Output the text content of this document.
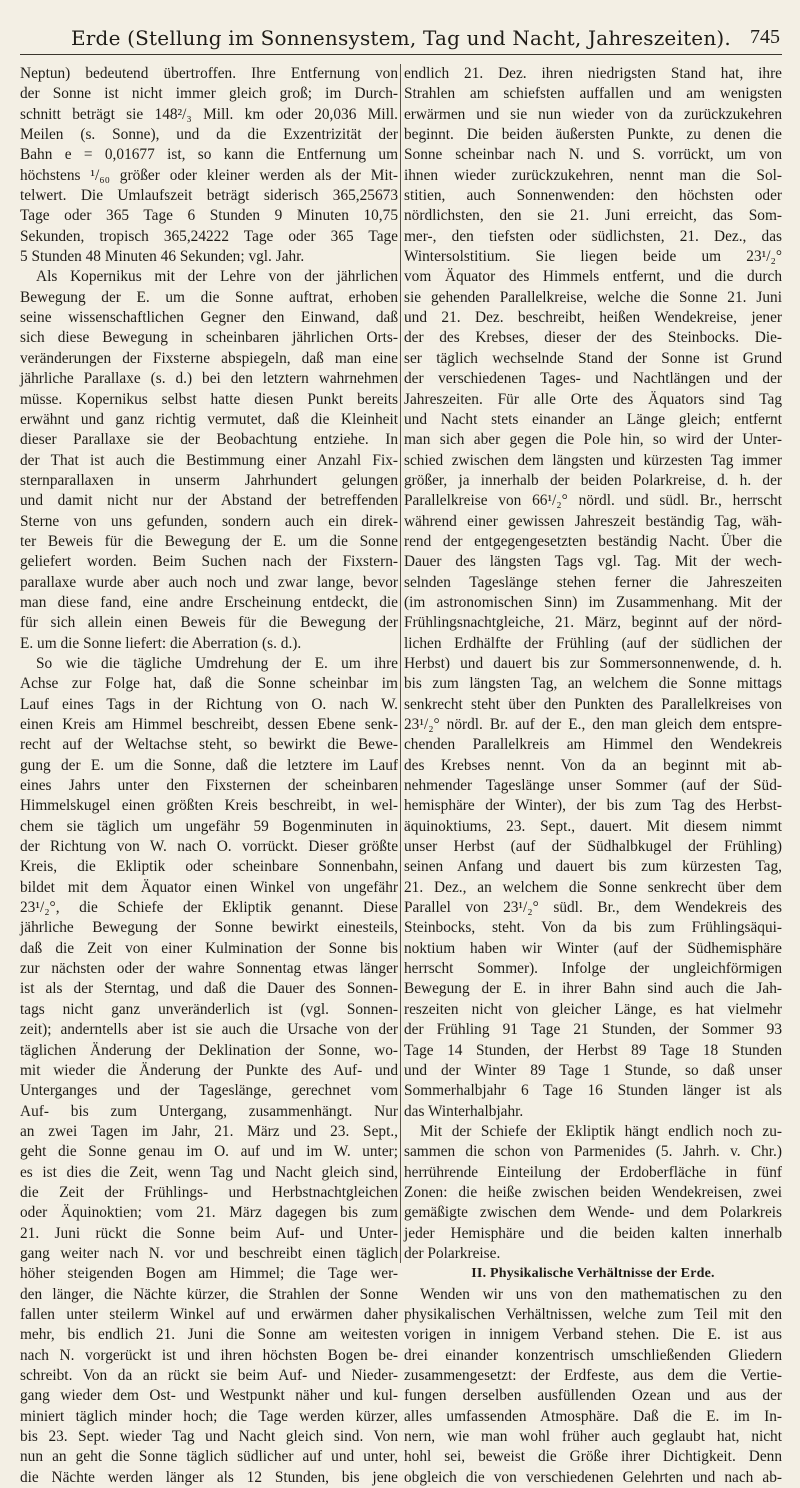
Erde (Stellung im Sonnensystem, Tag und Nacht, Jahreszeiten). 745
Neptun) bedeutend übertroffen. Ihre Entfernung von
der Sonne ist nicht immer gleich groß; im Durch-
schnitt beträgt sie 148²/₃ Mill. km oder 20,036 Mill.
Meilen (s. Sonne), und da die Exzentrizität der
Bahn e = 0,01677 ist, so kann die Entfernung um
höchstens ¹/₆₀ größer oder kleiner werden als der Mit-
telwert. Die Umlaufszeit beträgt siderisch 365,25673
Tage oder 365 Tage 6 Stunden 9 Minuten 10,75
Sekunden, tropisch 365,24222 Tage oder 365 Tage
5 Stunden 48 Minuten 46 Sekunden; vgl. Jahr.
Als Kopernikus mit der Lehre von der jährlichen
Bewegung der E. um die Sonne auftrat, erhoben
seine wissenschaftlichen Gegner den Einwand, daß
sich diese Bewegung in scheinbaren jährlichen Orts-
veränderungen der Fixsterne abspiegeln, daß man eine
jährliche Parallaxe (s. d.) bei den letztern wahrnehmen
müsse. Kopernikus selbst hatte diesen Punkt bereits
erwähnt und ganz richtig vermutet, daß die Kleinheit
dieser Parallaxe sie der Beobachtung entziehe. In
der That ist auch die Bestimmung einer Anzahl Fix-
sternparallaxen in unserm Jahrhundert gelungen
und damit nicht nur der Abstand der betreffenden
Sterne von uns gefunden, sondern auch ein direk-
ter Beweis für die Bewegung der E. um die Sonne
geliefert worden. Beim Suchen nach der Fixstern-
parallaxe wurde aber auch noch und zwar lange, bevor
man diese fand, eine andre Erscheinung entdeckt, die
für sich allein einen Beweis für die Bewegung der
E. um die Sonne liefert: die Aberration (s. d.).
So wie die tägliche Umdrehung der E. um ihre
Achse zur Folge hat, daß die Sonne scheinbar im
Lauf eines Tags in der Richtung von O. nach W.
einen Kreis am Himmel beschreibt, dessen Ebene senk-
recht auf der Weltachse steht, so bewirkt die Bewe-
gung der E. um die Sonne, daß die letztere im Lauf
eines Jahrs unter den Fixsternen der scheinbaren
Himmelskugel einen größten Kreis beschreibt, in wel-
chem sie täglich um ungefähr 59 Bogenminuten in
der Richtung von W. nach O. vorrückt. Dieser größte
Kreis, die Ekliptik oder scheinbare Sonnenbahn,
bildet mit dem Äquator einen Winkel von ungefähr
23¹/₂°, die Schiefe der Ekliptik genannt. Diese
jährliche Bewegung der Sonne bewirkt einesteils,
daß die Zeit von einer Kulmination der Sonne bis
zur nächsten oder der wahre Sonnentag etwas länger
ist als der Sterntag, und daß die Dauer des Sonnen-
tags nicht ganz unveränderlich ist (vgl. Sonnen-
zeit); anderntells aber ist sie auch die Ursache von der
täglichen Änderung der Deklination der Sonne, wo-
mit wieder die Änderung der Punkte des Auf- und
Unterganges und der Tageslänge, gerechnet vom
Auf- bis zum Untergang, zusammenhängt. Nur
an zwei Tagen im Jahr, 21. März und 23. Sept.,
geht die Sonne genau im O. auf und im W. unter;
es ist dies die Zeit, wenn Tag und Nacht gleich sind,
die Zeit der Frühlings- und Herbstnachtgleichen
oder Äquinoktien; vom 21. März dagegen bis zum
21. Juni rückt die Sonne beim Auf- und Unter-
gang weiter nach N. vor und beschreibt einen täglich
höher steigenden Bogen am Himmel; die Tage wer-
den länger, die Nächte kürzer, die Strahlen der Sonne
fallen unter steilerm Winkel auf und erwärmen daher
mehr, bis endlich 21. Juni die Sonne am weitesten
nach N. vorgerückt ist und ihren höchsten Bogen be-
schreibt. Von da an rückt sie beim Auf- und Nieder-
gang wieder dem Ost- und Westpunkt näher und kul-
miniert täglich minder hoch; die Tage werden kürzer,
bis 23. Sept. wieder Tag und Nacht gleich sind. Von
nun an geht die Sonne täglich südlicher auf und unter,
die Nächte werden länger als 12 Stunden, bis jene
endlich 21. Dez. ihren niedrigsten Stand hat, ihre
Strahlen am schiefsten auffallen und am wenigsten
erwärmen und sie nun wieder von da zurückzukehren
beginnt. Die beiden äußersten Punkte, zu denen die
Sonne scheinbar nach N. und S. vorrückt, um von
ihnen wieder zurückzukehren, nennt man die Sol-
stitien, auch Sonnenwenden: den höchsten oder
nördlichsten, den sie 21. Juni erreicht, das Som-
mer-, den tiefsten oder südlichsten, 21. Dez., das
Wintersolstitium. Sie liegen beide um 23¹/₂°
vom Äquator des Himmels entfernt, und die durch
sie gehenden Parallelkreise, welche die Sonne 21. Juni
und 21. Dez. beschreibt, heißen Wendekreise, jener
der des Krebses, dieser der des Steinbocks. Die-
ser täglich wechselnde Stand der Sonne ist Grund
der verschiedenen Tages- und Nachtlängen und der
Jahreszeiten. Für alle Orte des Äquators sind Tag
und Nacht stets einander an Länge gleich; entfernt
man sich aber gegen die Pole hin, so wird der Unter-
schied zwischen dem längsten und kürzesten Tag immer
größer, ja innerhalb der beiden Polarkreise, d. h. der
Parallelkreise von 66¹/₂° nördl. und südl. Br., herrscht
während einer gewissen Jahreszeit beständig Tag, wäh-
rend der entgegengesetzten beständig Nacht. Über die
Dauer des längsten Tags vgl. Tag. Mit der wech-
selnden Tageslänge stehen ferner die Jahreszeiten
(im astronomischen Sinn) im Zusammenhang. Mit der
Frühlingsnachtgleiche, 21. März, beginnt auf der nörd-
lichen Erdhälfte der Frühling (auf der südlichen der
Herbst) und dauert bis zur Sommersonnenwende, d. h.
bis zum längsten Tag, an welchem die Sonne mittags
senkrecht steht über den Punkten des Parallelkreises von
23¹/₂° nördl. Br. auf der E., den man gleich dem entspre-
chenden Parallelkreis am Himmel den Wendekreis
des Krebses nennt. Von da an beginnt mit ab-
nehmender Tageslänge unser Sommer (auf der Süd-
hemisphäre der Winter), der bis zum Tag des Herbst-
äquinoktiums, 23. Sept., dauert. Mit diesem nimmt
unser Herbst (auf der Südhalbkugel der Frühling)
seinen Anfang und dauert bis zum kürzesten Tag,
21. Dez., an welchem die Sonne senkrecht über dem
Parallel von 23¹/₂° südl. Br., dem Wendekreis des
Steinbocks, steht. Von da bis zum Frühlingsäqui-
noktium haben wir Winter (auf der Südhemisphäre
herrscht Sommer). Infolge der ungleichförmigen
Bewegung der E. in ihrer Bahn sind auch die Jah-
reszeiten nicht von gleicher Länge, es hat vielmehr
der Frühling 91 Tage 21 Stunden, der Sommer 93
Tage 14 Stunden, der Herbst 89 Tage 18 Stunden
und der Winter 89 Tage 1 Stunde, so daß unser
Sommerhalbjahr 6 Tage 16 Stunden länger ist als
das Winterhalbjahr.
Mit der Schiefe der Ekliptik hängt endlich noch zu-
sammen die schon von Parmenides (5. Jahrh. v. Chr.)
herrührende Einteilung der Erdoberfläche in fünf
Zonen: die heiße zwischen beiden Wendekreisen, zwei
gemäßigte zwischen dem Wende- und dem Polarkreis
jeder Hemisphäre und die beiden kalten innerhalb
der Polarkreise.
II. Physikalische Verhältnisse der Erde.
Wenden wir uns von den mathematischen zu den
physikalischen Verhältnissen, welche zum Teil mit den
vorigen in innigem Verband stehen. Die E. ist aus
drei einander konzentrisch umschließenden Gliedern
zusammengesetzt: der Erdfeste, aus dem die Vertie-
fungen derselben ausfüllenden Ozean und aus der
alles umfassenden Atmosphäre. Daß die E. im In-
nern, wie man wohl früher auch geglaubt hat, nicht
hohl sei, beweist die Größe ihrer Dichtigkeit. Denn
obgleich die von verschiedenen Gelehrten und nach ab-
